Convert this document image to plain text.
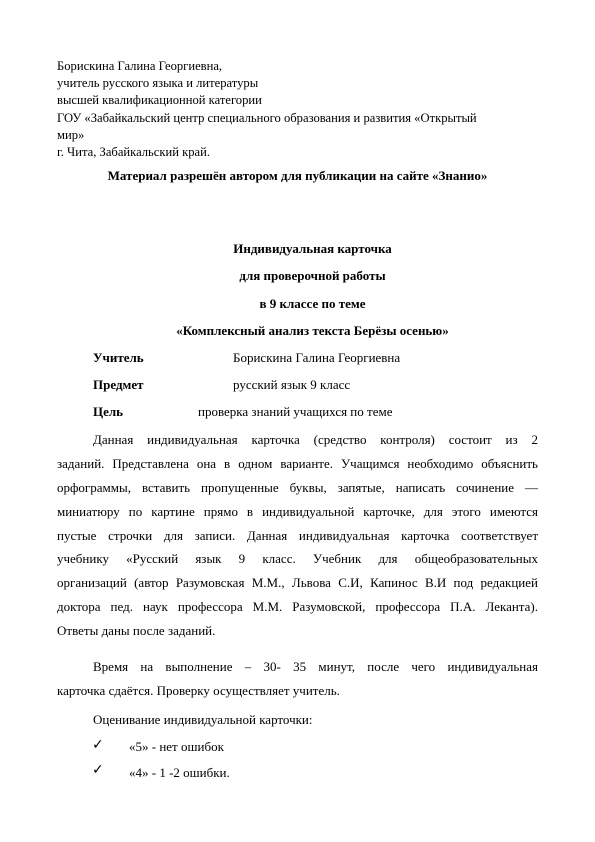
Борискина Галина Георгиевна,
учитель русского языка и литературы
высшей квалификационной категории
ГОУ «Забайкальский центр специального образования и развития «Открытый
мир»
г. Чита, Забайкальский край.
Материал разрешён автором для публикации на сайте «Знанио»
Индивидуальная карточка
для проверочной работы
в 9 классе по теме
«Комплексный анализ текста Берёзы осенью»
Учитель	Борискина Галина Георгиевна
Предмет	русский язык 9 класс
Цель	проверка знаний учащихся по теме
Данная индивидуальная карточка (средство контроля) состоит из 2
заданий. Представлена она в одном варианте. Учащимся необходимо объяснить
орфограммы, вставить пропущенные буквы, запятые, написать сочинение —
миниатюру по картине прямо в индивидуальной карточке, для этого имеются
пустые строчки для записи. Данная индивидуальная карточка соответствует
учебнику «Русский язык 9 класс. Учебник для общеобразовательных
организаций (автор Разумовская М.М., Львова С.И, Капинос В.И под редакцией
доктора пед. наук профессора М.М. Разумовской, профессора П.А. Леканта).
Ответы даны после заданий.
Время на выполнение – 30- 35 минут, после чего индивидуальная
карточка сдаётся. Проверку осуществляет учитель.
Оценивание индивидуальной карточки:
✓ «5» - нет ошибок
✓ «4» - 1 -2 ошибки.
